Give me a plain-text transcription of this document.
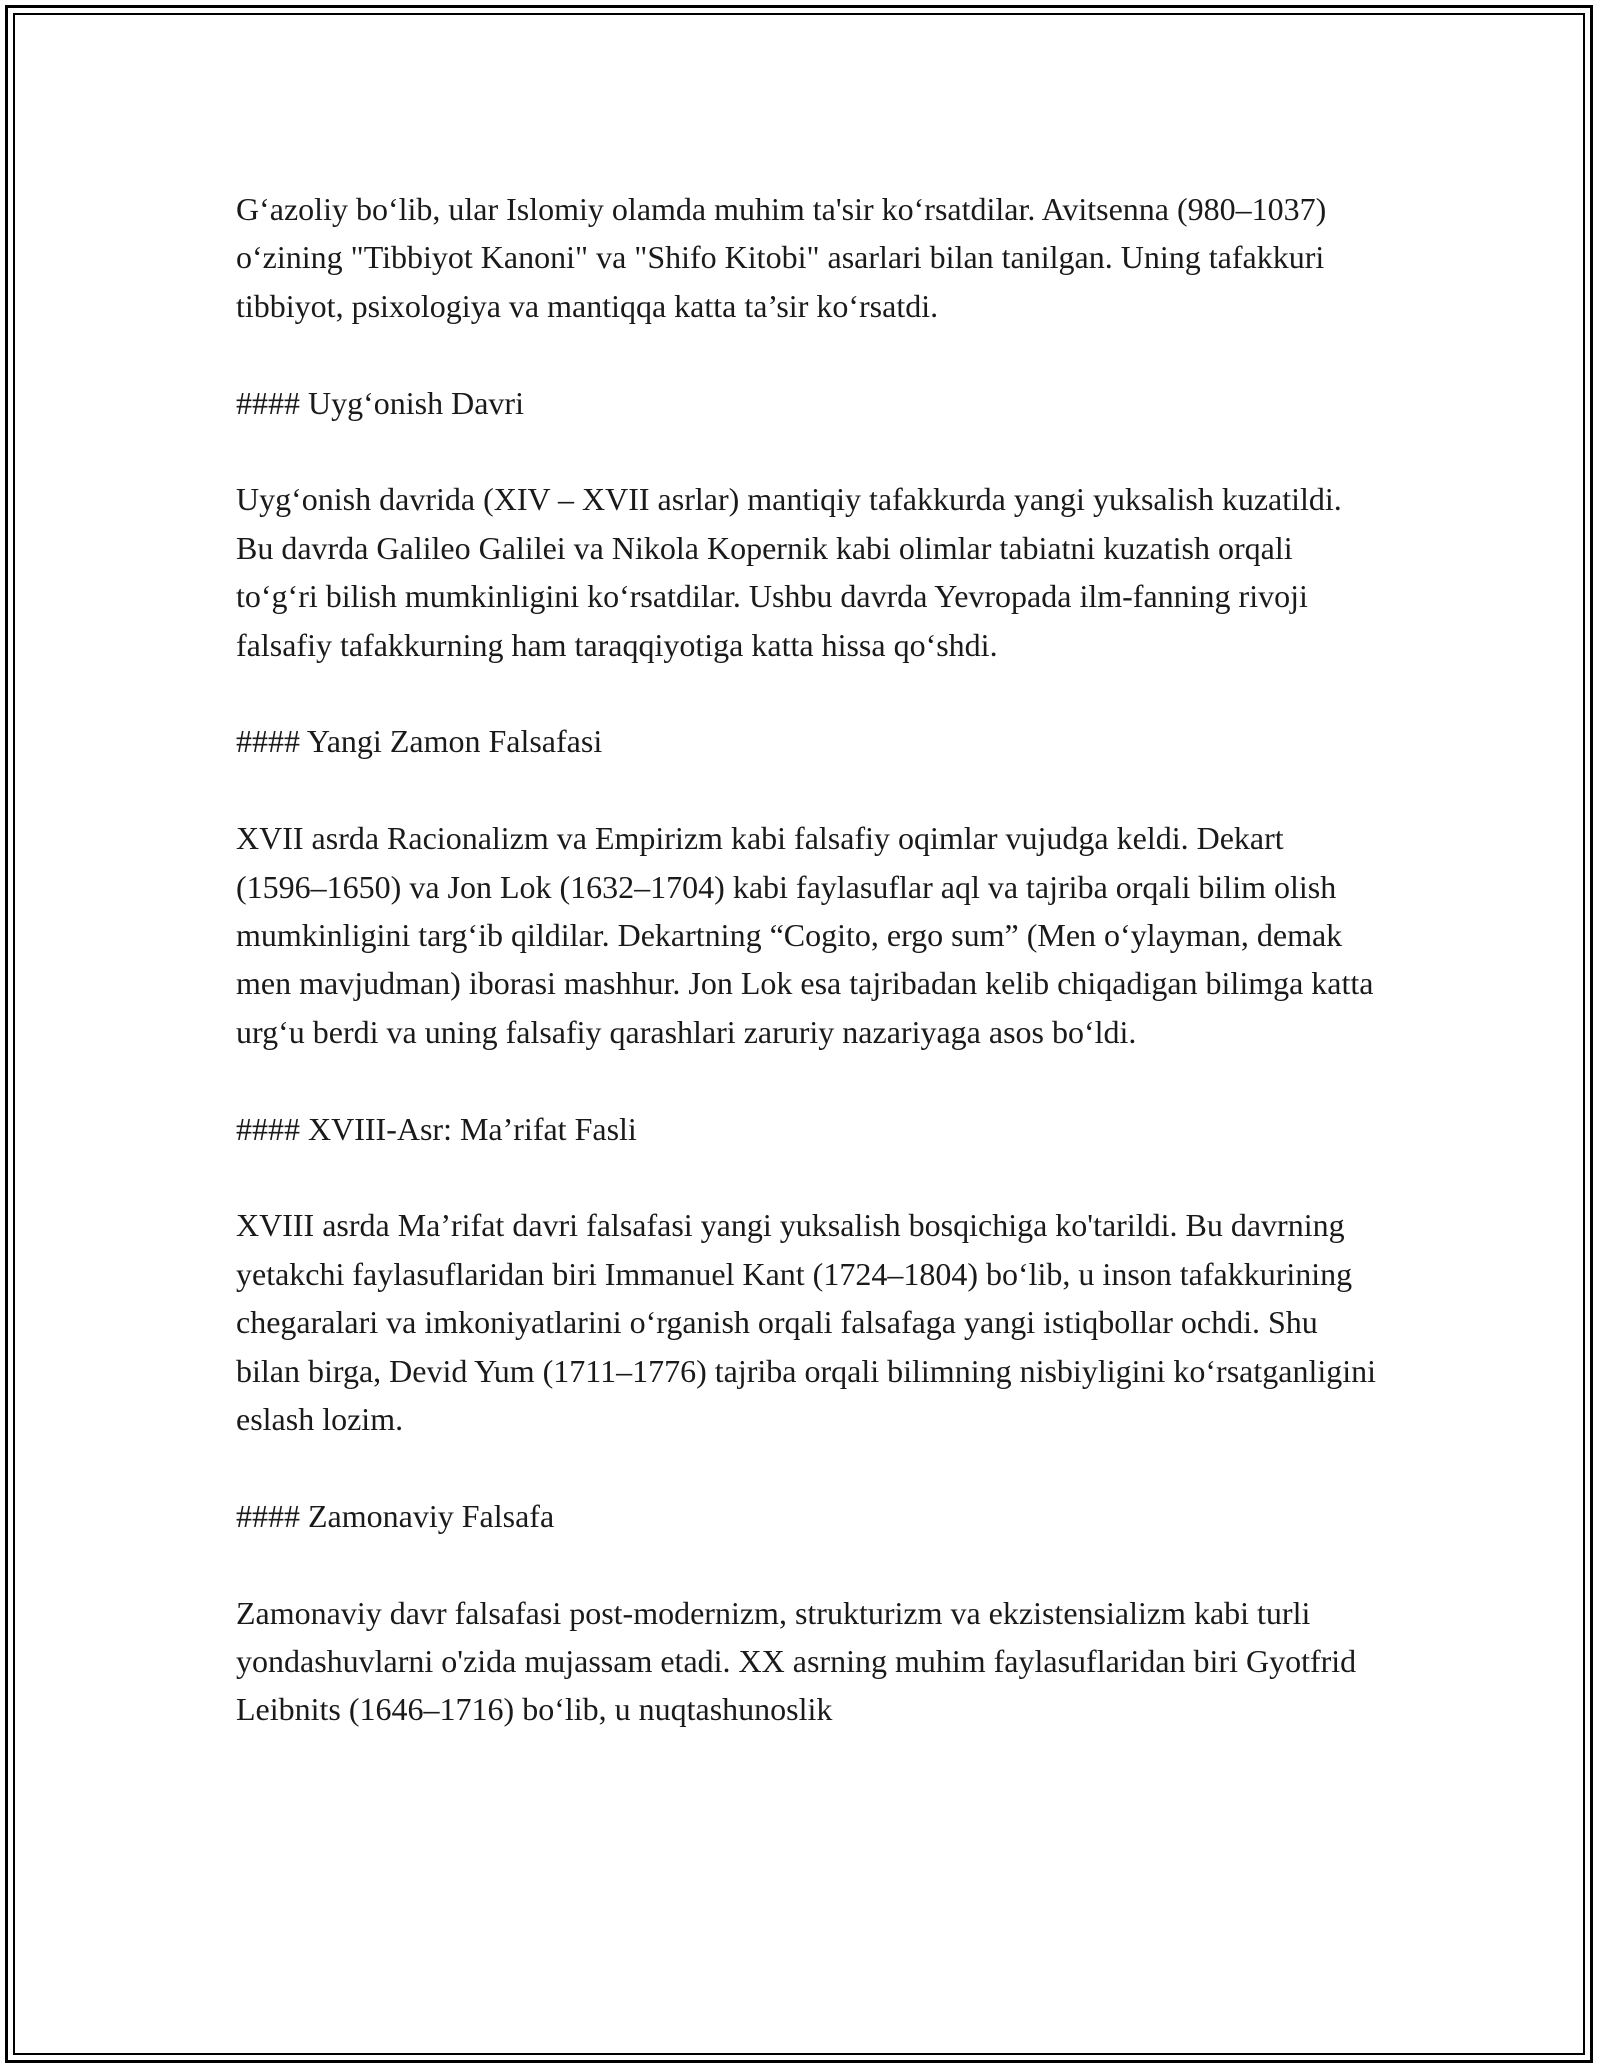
G‘azoliy bo‘lib, ular Islomiy olamda muhim ta'sir ko‘rsatdilar. Avitsenna (980–1037) o‘zining "Tibbiyot Kanoni" va "Shifo Kitobi" asarlari bilan tanilgan. Uning tafakkuri tibbiyot, psixologiya va mantiqqa katta ta’sir ko‘rsatdi.

#### Uyg‘onish Davri

Uyg‘onish davrida (XIV – XVII asrlar) mantiqiy tafakkurda yangi yuksalish kuzatildi. Bu davrda Galileo Galilei va Nikola Kopernik kabi olimlar tabiatni kuzatish orqali to‘g‘ri bilish mumkinligini ko‘rsatdilar. Ushbu davrda Yevropada ilm-fanning rivoji falsafiy tafakkurning ham taraqqiyotiga katta hissa qo‘shdi.

#### Yangi Zamon Falsafasi

XVII asrda Racionalizm va Empirizm kabi falsafiy oqimlar vujudga keldi. Dekart (1596–1650) va Jon Lok (1632–1704) kabi faylasuflar aql va tajriba orqali bilim olish mumkinligini targ‘ib qildilar. Dekartning “Cogito, ergo sum” (Men o‘ylayman, demak men mavjudman) iborasi mashhur. Jon Lok esa tajribadan kelib chiqadigan bilimga katta urg‘u berdi va uning falsafiy qarashlari zaruriy nazariyaga asos bo‘ldi.

#### XVIII-Asr: Ma’rifat Fasli

XVIII asrda Ma’rifat davri falsafasi yangi yuksalish bosqichiga ko'tarildi. Bu davrning yetakchi faylasuflaridan biri Immanuel Kant (1724–1804) bo‘lib, u inson tafakkurining chegaralari va imkoniyatlarini o‘rganish orqali falsafaga yangi istiqbollar ochdi. Shu bilan birga, Devid Yum (1711–1776) tajriba orqali bilimning nisbiyligini ko‘rsatganligini eslash lozim.

#### Zamonaviy Falsafa

Zamonaviy davr falsafasi post-modernizm, strukturizm va ekzistensializm kabi turli yondashuvlarni o'zida mujassam etadi. XX asrning muhim faylasuflaridan biri Gyotfrid Leibnits (1646–1716) bo‘lib, u nuqtashunoslik
